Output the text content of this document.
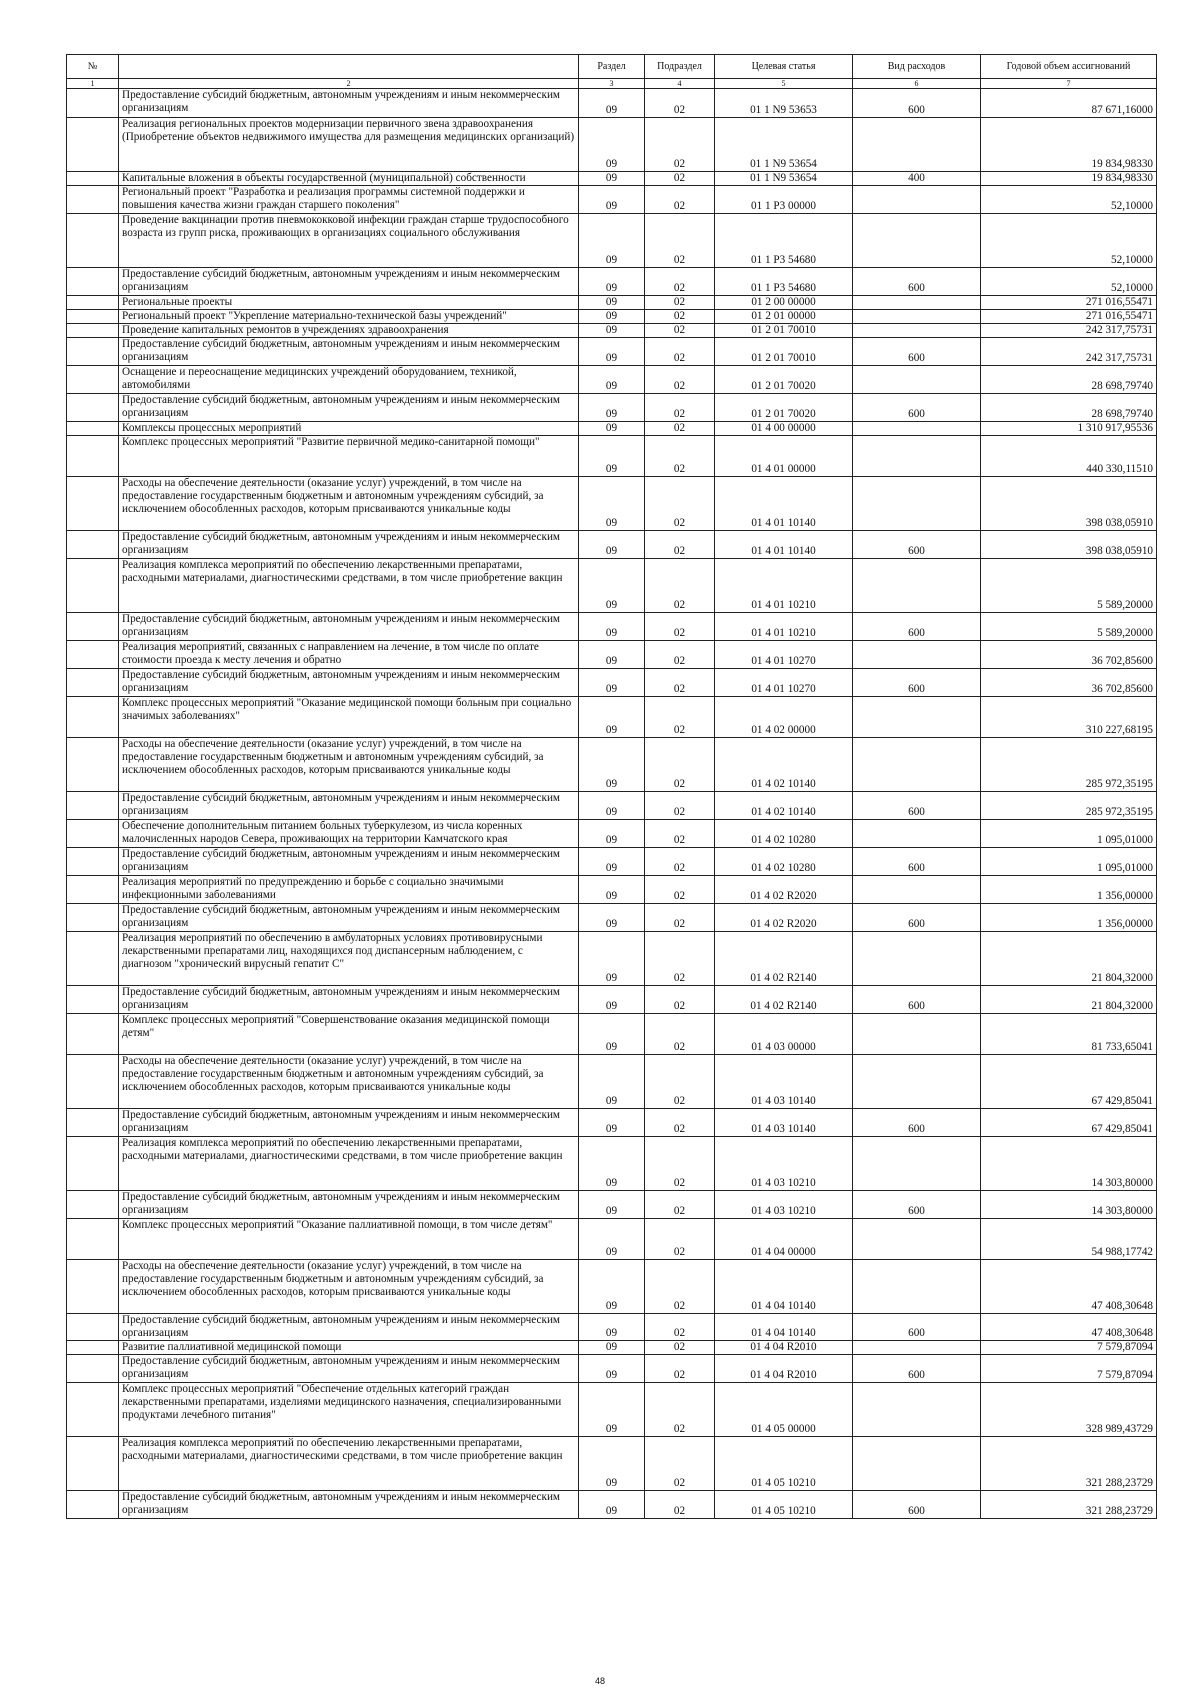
№		Раздел	Подраздел	Целевая статья	Вид расходов	Годовой объем ассигнований
1	2	3	4	5	6	7
	Предоставление субсидий бюджетным, автономным учреждениям и иным некоммерческим организациям	09	02	01 1 N9 53653	600	87 671,16000
	Реализация региональных проектов модернизации первичного звена здравоохранения (Приобретение объектов недвижимого имущества для размещения медицинских организаций)	09	02	01 1 N9 53654		19 834,98330
	Капитальные вложения в объекты государственной (муниципальной) собственности	09	02	01 1 N9 53654	400	19 834,98330
	Региональный проект "Разработка и реализация программы системной поддержки и повышения качества жизни граждан старшего поколения"	09	02	01 1 P3 00000		52,10000
	Проведение вакцинации против пневмококковой инфекции граждан старше трудоспособного возраста из групп риска, проживающих в организациях социального обслуживания	09	02	01 1 P3 54680		52,10000
	Предоставление субсидий бюджетным, автономным учреждениям и иным некоммерческим организациям	09	02	01 1 P3 54680	600	52,10000
	Региональные проекты	09	02	01 2 00 00000		271 016,55471
	Региональный проект "Укрепление материально-технической базы учреждений"	09	02	01 2 01 00000		271 016,55471
	Проведение капитальных ремонтов в учреждениях здравоохранения	09	02	01 2 01 70010		242 317,75731
	Предоставление субсидий бюджетным, автономным учреждениям и иным некоммерческим организациям	09	02	01 2 01 70010	600	242 317,75731
	Оснащение и переоснащение медицинских учреждений оборудованием, техникой, автомобилями	09	02	01 2 01 70020		28 698,79740
	Предоставление субсидий бюджетным, автономным учреждениям и иным некоммерческим организациям	09	02	01 2 01 70020	600	28 698,79740
	Комплексы процессных мероприятий	09	02	01 4 00 00000		1 310 917,95536
	Комплекс процессных мероприятий "Развитие первичной медико-санитарной помощи"	09	02	01 4 01 00000		440 330,11510
	Расходы на обеспечение деятельности (оказание услуг) учреждений, в том числе на предоставление государственным бюджетным и автономным учреждениям субсидий, за исключением обособленных расходов, которым присваиваются уникальные коды	09	02	01 4 01 10140		398 038,05910
	Предоставление субсидий бюджетным, автономным учреждениям и иным некоммерческим организациям	09	02	01 4 01 10140	600	398 038,05910
	Реализация комплекса мероприятий по обеспечению лекарственными препаратами, расходными материалами, диагностическими средствами, в том числе приобретение вакцин	09	02	01 4 01 10210		5 589,20000
	Предоставление субсидий бюджетным, автономным учреждениям и иным некоммерческим организациям	09	02	01 4 01 10210	600	5 589,20000
	Реализация мероприятий, связанных с направлением на лечение, в том числе по оплате стоимости проезда к месту лечения и обратно	09	02	01 4 01 10270		36 702,85600
	Предоставление субсидий бюджетным, автономным учреждениям и иным некоммерческим организациям	09	02	01 4 01 10270	600	36 702,85600
	Комплекс процессных мероприятий "Оказание медицинской помощи больным при социально значимых заболеваниях"	09	02	01 4 02 00000		310 227,68195
	Расходы на обеспечение деятельности (оказание услуг) учреждений, в том числе на предоставление государственным бюджетным и автономным учреждениям субсидий, за исключением обособленных расходов, которым присваиваются уникальные коды	09	02	01 4 02 10140		285 972,35195
	Предоставление субсидий бюджетным, автономным учреждениям и иным некоммерческим организациям	09	02	01 4 02 10140	600	285 972,35195
	Обеспечение дополнительным питанием больных туберкулезом, из числа коренных малочисленных народов Севера, проживающих на территории Камчатского края	09	02	01 4 02 10280		1 095,01000
	Предоставление субсидий бюджетным, автономным учреждениям и иным некоммерческим организациям	09	02	01 4 02 10280	600	1 095,01000
	Реализация мероприятий по предупреждению и борьбе с социально значимыми инфекционными заболеваниями	09	02	01 4 02 R2020		1 356,00000
	Предоставление субсидий бюджетным, автономным учреждениям и иным некоммерческим организациям	09	02	01 4 02 R2020	600	1 356,00000
	Реализация мероприятий по обеспечению в амбулаторных условиях противовирусными лекарственными препаратами лиц, находящихся под диспансерным наблюдением, с диагнозом "хронический вирусный гепатит С"	09	02	01 4 02 R2140		21 804,32000
	Предоставление субсидий бюджетным, автономным учреждениям и иным некоммерческим организациям	09	02	01 4 02 R2140	600	21 804,32000
	Комплекс процессных мероприятий "Совершенствование оказания медицинской помощи детям"	09	02	01 4 03 00000		81 733,65041
	Расходы на обеспечение деятельности (оказание услуг) учреждений, в том числе на предоставление государственным бюджетным и автономным учреждениям субсидий, за исключением обособленных расходов, которым присваиваются уникальные коды	09	02	01 4 03 10140		67 429,85041
	Предоставление субсидий бюджетным, автономным учреждениям и иным некоммерческим организациям	09	02	01 4 03 10140	600	67 429,85041
	Реализация комплекса мероприятий по обеспечению лекарственными препаратами, расходными материалами, диагностическими средствами, в том числе приобретение вакцин	09	02	01 4 03 10210		14 303,80000
	Предоставление субсидий бюджетным, автономным учреждениям и иным некоммерческим организациям	09	02	01 4 03 10210	600	14 303,80000
	Комплекс процессных мероприятий "Оказание паллиативной помощи, в том числе детям"	09	02	01 4 04 00000		54 988,17742
	Расходы на обеспечение деятельности (оказание услуг) учреждений, в том числе на предоставление государственным бюджетным и автономным учреждениям субсидий, за исключением обособленных расходов, которым присваиваются уникальные коды	09	02	01 4 04 10140		47 408,30648
	Предоставление субсидий бюджетным, автономным учреждениям и иным некоммерческим организациям	09	02	01 4 04 10140	600	47 408,30648
	Развитие паллиативной медицинской помощи	09	02	01 4 04 R2010		7 579,87094
	Предоставление субсидий бюджетным, автономным учреждениям и иным некоммерческим организациям	09	02	01 4 04 R2010	600	7 579,87094
	Комплекс процессных мероприятий "Обеспечение отдельных категорий граждан лекарственными препаратами, изделиями медицинского назначения, специализированными продуктами лечебного питания"	09	02	01 4 05 00000		328 989,43729
	Реализация комплекса мероприятий по обеспечению лекарственными препаратами, расходными материалами, диагностическими средствами, в том числе приобретение вакцин	09	02	01 4 05 10210		321 288,23729
	Предоставление субсидий бюджетным, автономным учреждениям и иным некоммерческим организациям	09	02	01 4 05 10210	600	321 288,23729
48
